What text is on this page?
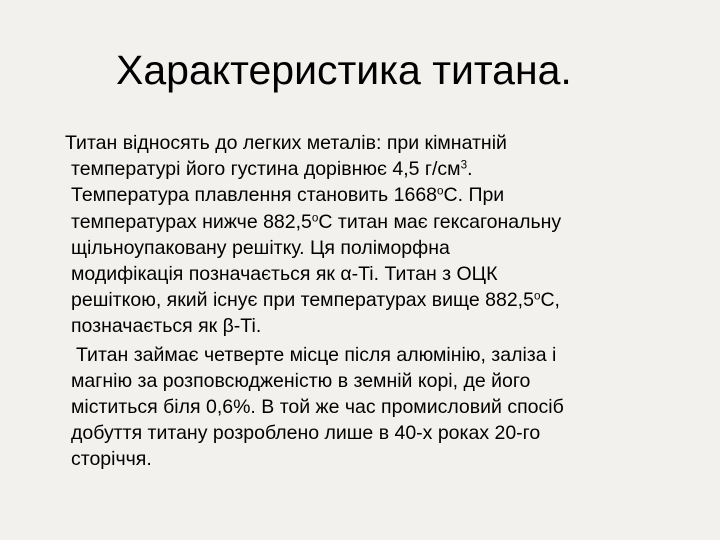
Характеристика титана.

Титан відносять до легких металів: при кімнатній
температурі його густина дорівнює 4,5 $г/см^3$.
Температура плавлення становить $1668^оС$. При
температурах нижче $882,5^оС$ титан має гексагональну
щільноупаковану решітку. Ця поліморфна
модифікація позначається як α-Ti. Титан з ОЦК
решіткою, який існує при температурах вище $882,5^оС$,
позначається як β-Ti.

Титан займає четверте місце після алюмінію, заліза і
магнію за розповсюдженістю в земній корі, де його
міститься біля 0,6%. В той же час промисловий спосіб
добуття титану розроблено лише в 40-х роках 20-го
сторіччя.
